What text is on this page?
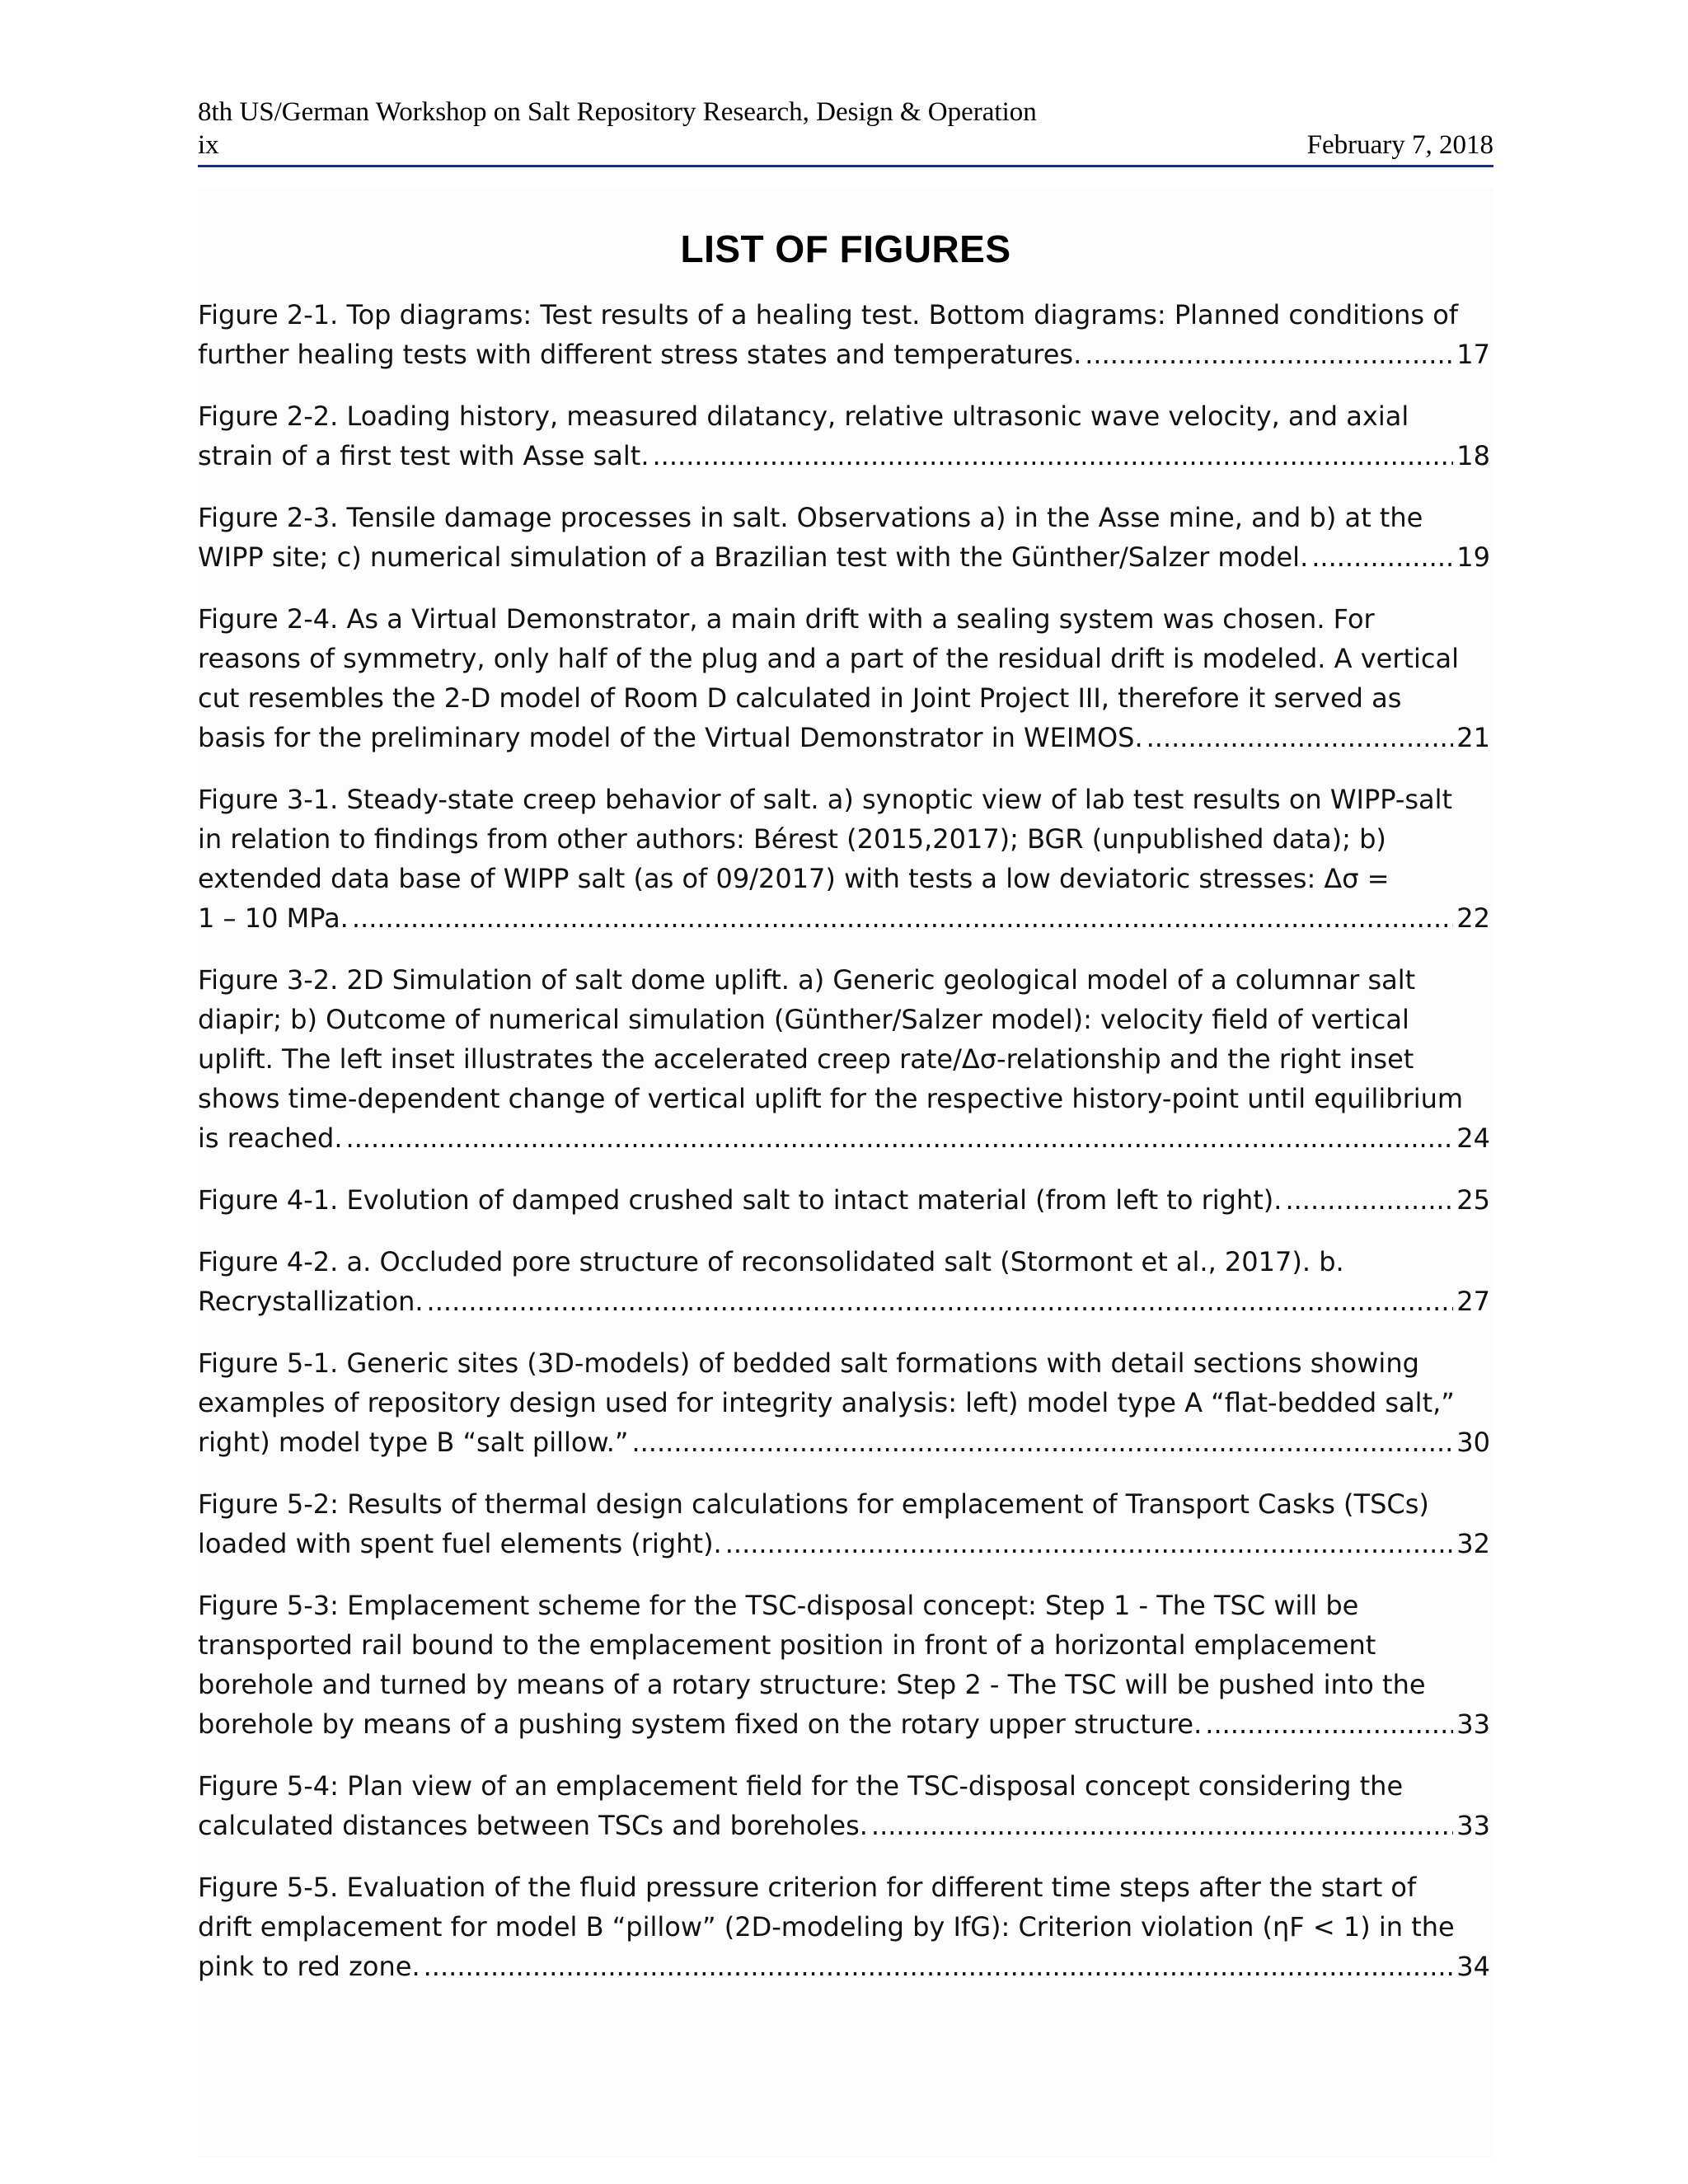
8th US/German Workshop on Salt Repository Research, Design & Operation
ix	February 7, 2018
LIST OF FIGURES
Figure 2-1. Top diagrams: Test results of a healing test. Bottom diagrams: Planned conditions of
further healing tests with different stress states and temperatures. .....	17
Figure 2-2. Loading history, measured dilatancy, relative ultrasonic wave velocity, and axial
strain of a first test with Asse salt. .....	18
Figure 2-3. Tensile damage processes in salt. Observations a) in the Asse mine, and b) at the
WIPP site; c) numerical simulation of a Brazilian test with the Günther/Salzer model. .....	19
Figure 2-4. As a Virtual Demonstrator, a main drift with a sealing system was chosen. For
reasons of symmetry, only half of the plug and a part of the residual drift is modeled. A vertical
cut resembles the 2-D model of Room D calculated in Joint Project III, therefore it served as
basis for the preliminary model of the Virtual Demonstrator in WEIMOS. .....	21
Figure 3-1. Steady-state creep behavior of salt. a) synoptic view of lab test results on WIPP-salt
in relation to findings from other authors: Bérest (2015,2017); BGR (unpublished data); b)
extended data base of WIPP salt (as of 09/2017) with tests a low deviatoric stresses: Δσ =
1 – 10 MPa. .....	22
Figure 3-2. 2D Simulation of salt dome uplift. a) Generic geological model of a columnar salt
diapir; b) Outcome of numerical simulation (Günther/Salzer model): velocity field of vertical
uplift. The left inset illustrates the accelerated creep rate/Δσ-relationship and the right inset
shows time-dependent change of vertical uplift for the respective history-point until equilibrium
is reached. .....	24
Figure 4-1. Evolution of damped crushed salt to intact material (from left to right). .....	25
Figure 4-2. a. Occluded pore structure of reconsolidated salt (Stormont et al., 2017). b.
Recrystallization. .....	27
Figure 5-1. Generic sites (3D-models) of bedded salt formations with detail sections showing
examples of repository design used for integrity analysis: left) model type A “flat-bedded salt,”
right) model type B “salt pillow.” .....	30
Figure 5-2: Results of thermal design calculations for emplacement of Transport Casks (TSCs)
loaded with spent fuel elements (right). .....	32
Figure 5-3: Emplacement scheme for the TSC-disposal concept: Step 1 - The TSC will be
transported rail bound to the emplacement position in front of a horizontal emplacement
borehole and turned by means of a rotary structure: Step 2 - The TSC will be pushed into the
borehole by means of a pushing system fixed on the rotary upper structure. .....	33
Figure 5-4: Plan view of an emplacement field for the TSC-disposal concept considering the
calculated distances between TSCs and boreholes. .....	33
Figure 5-5. Evaluation of the fluid pressure criterion for different time steps after the start of
drift emplacement for model B “pillow” (2D-modeling by IfG): Criterion violation (ηF < 1) in the
pink to red zone. .....	34
